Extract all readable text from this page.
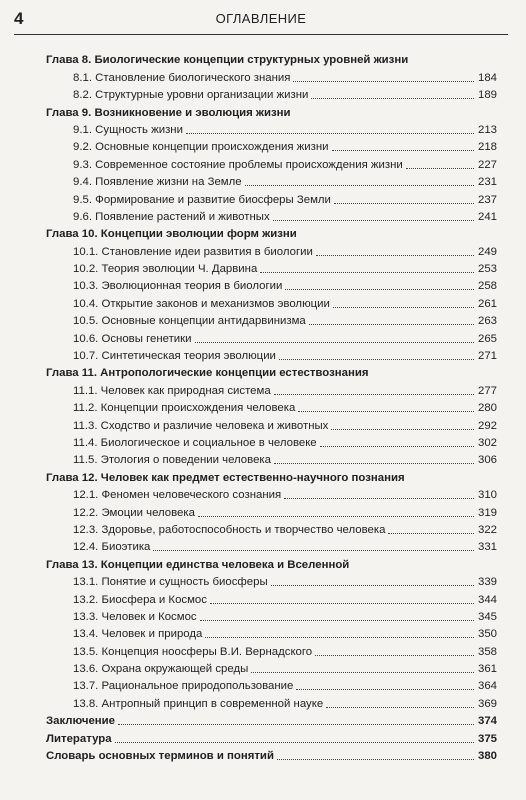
4	ОГЛАВЛЕНИЕ
Глава 8. Биологические концепции структурных уровней жизни
8.1. Становление биологического знания	184
8.2. Структурные уровни организации жизни	189
Глава 9. Возникновение и эволюция жизни
9.1. Сущность жизни	213
9.2. Основные концепции происхождения жизни	218
9.3. Современное состояние проблемы происхождения жизни	227
9.4. Появление жизни на Земле	231
9.5. Формирование и развитие биосферы Земли	237
9.6. Появление растений и животных	241
Глава 10. Концепции эволюции форм жизни
10.1. Становление идеи развития в биологии	249
10.2. Теория эволюции Ч. Дарвина	253
10.3. Эволюционная теория в биологии	258
10.4. Открытие законов и механизмов эволюции	261
10.5. Основные концепции антидарвинизма	263
10.6. Основы генетики	265
10.7. Синтетическая теория эволюции	271
Глава 11. Антропологические концепции естествознания
11.1. Человек как природная система	277
11.2. Концепции происхождения человека	280
11.3. Сходство и различие человека и животных	292
11.4. Биологическое и социальное в человеке	302
11.5. Этология о поведении человека	306
Глава 12. Человек как предмет естественно-научного познания
12.1. Феномен человеческого сознания	310
12.2. Эмоции человека	319
12.3. Здоровье, работоспособность и творчество человека	322
12.4. Биоэтика	331
Глава 13. Концепции единства человека и Вселенной
13.1. Понятие и сущность биосферы	339
13.2. Биосфера и Космос	344
13.3. Человек и Космос	345
13.4. Человек и природа	350
13.5. Концепция ноосферы В.И. Вернадского	358
13.6. Охрана окружающей среды	361
13.7. Рациональное природопользование	364
13.8. Антропный принцип в современной науке	369
Заключение	374
Литература	375
Словарь основных терминов и понятий	380
